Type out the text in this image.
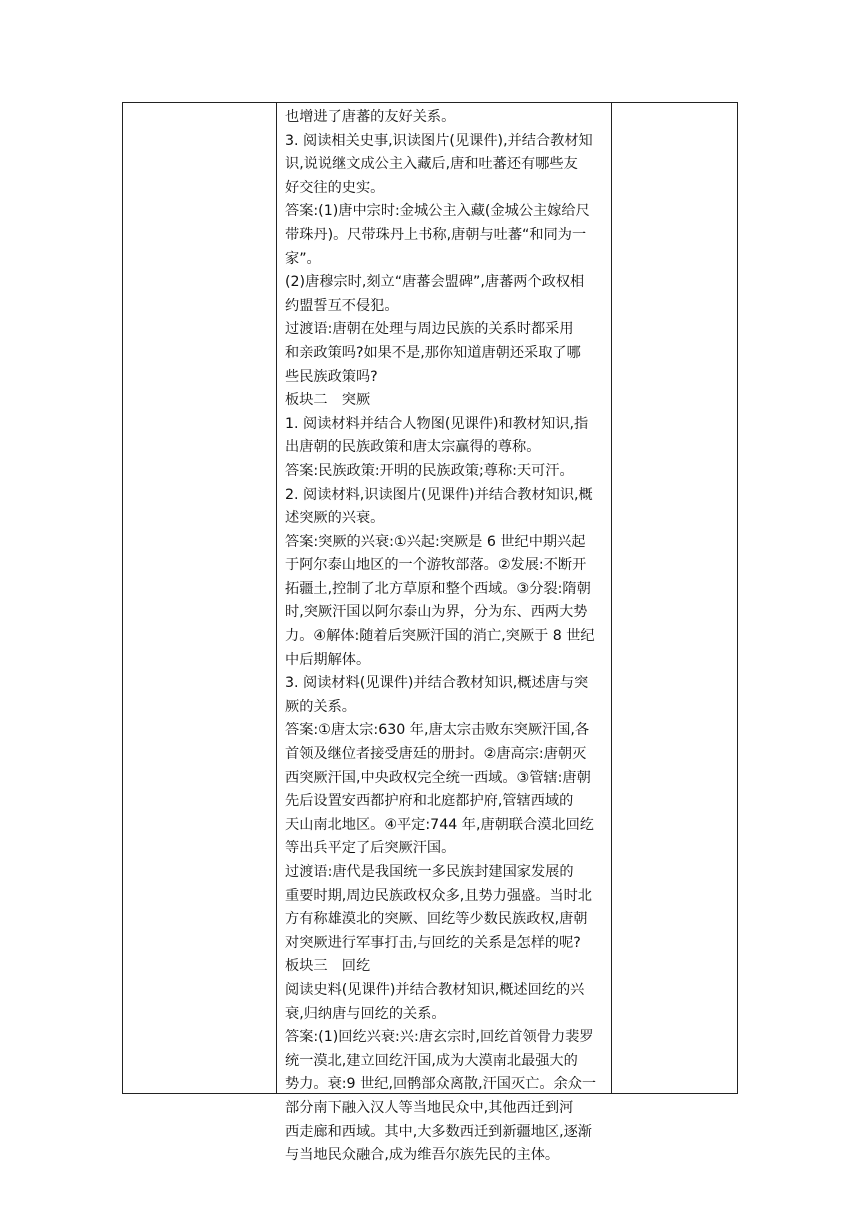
也增进了唐蕃的友好关系。
3. 阅读相关史事,识读图片(见课件),并结合教材知
识,说说继文成公主入藏后,唐和吐蕃还有哪些友
好交往的史实。
答案:(1)唐中宗时:金城公主入藏(金城公主嫁给尺
带珠丹)。尺带珠丹上书称,唐朝与吐蕃“和同为一
家”。
(2)唐穆宗时,刻立“唐蕃会盟碑”,唐蕃两个政权相
约盟誓互不侵犯。
过渡语:唐朝在处理与周边民族的关系时都采用
和亲政策吗?如果不是,那你知道唐朝还采取了哪
些民族政策吗?
板块二　突厥
1. 阅读材料并结合人物图(见课件)和教材知识,指
出唐朝的民族政策和唐太宗赢得的尊称。
答案:民族政策:开明的民族政策;尊称:天可汗。
2. 阅读材料,识读图片(见课件)并结合教材知识,概
述突厥的兴衰。
答案:突厥的兴衰:①兴起:突厥是 6 世纪中期兴起
于阿尔泰山地区的一个游牧部落。②发展:不断开
拓疆土,控制了北方草原和整个西域。③分裂:隋朝
时,突厥汗国以阿尔泰山为界，分为东、西两大势
力。④解体:随着后突厥汗国的消亡,突厥于 8 世纪
中后期解体。
3. 阅读材料(见课件)并结合教材知识,概述唐与突
厥的关系。
答案:①唐太宗:630 年,唐太宗击败东突厥汗国,各
首领及继位者接受唐廷的册封。②唐高宗:唐朝灭
西突厥汗国,中央政权完全统一西域。③管辖:唐朝
先后设置安西都护府和北庭都护府,管辖西域的
天山南北地区。④平定:744 年,唐朝联合漠北回纥
等出兵平定了后突厥汗国。
过渡语:唐代是我国统一多民族封建国家发展的
重要时期,周边民族政权众多,且势力强盛。当时北
方有称雄漠北的突厥、回纥等少数民族政权,唐朝
对突厥进行军事打击,与回纥的关系是怎样的呢?
板块三　回纥
阅读史料(见课件)并结合教材知识,概述回纥的兴
衰,归纳唐与回纥的关系。
答案:(1)回纥兴衰:兴:唐玄宗时,回纥首领骨力裴罗
统一漠北,建立回纥汗国,成为大漠南北最强大的
势力。衰:9 世纪,回鹘部众离散,汗国灭亡。余众一
部分南下融入汉人等当地民众中,其他西迁到河
西走廊和西域。其中,大多数西迁到新疆地区,逐渐
与当地民众融合,成为维吾尔族先民的主体。
